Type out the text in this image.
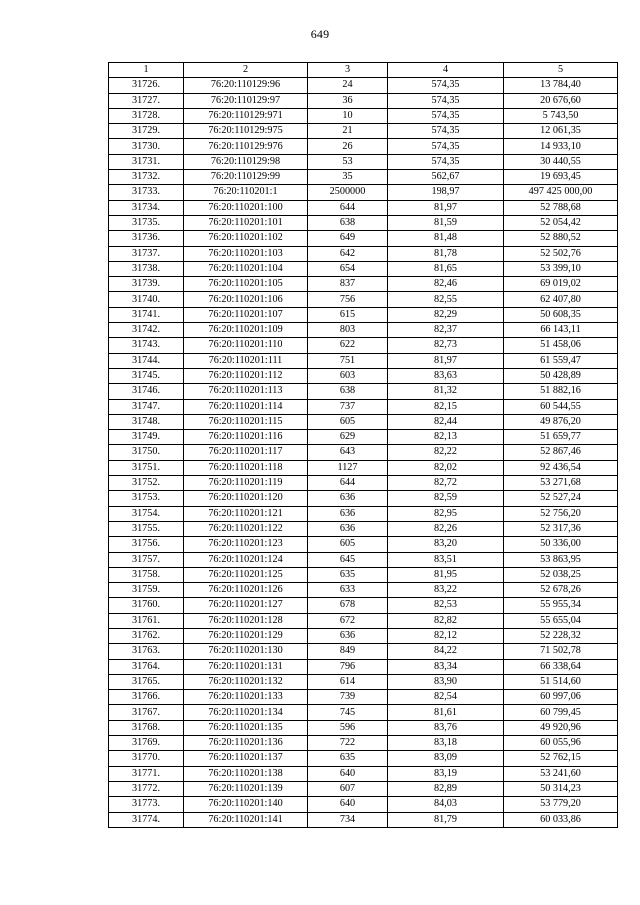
649
1	2	3	4	5
31726.	76:20:110129:96	24	574,35	13 784,40
31727.	76:20:110129:97	36	574,35	20 676,60
31728.	76:20:110129:971	10	574,35	5 743,50
31729.	76:20:110129:975	21	574,35	12 061,35
31730.	76:20:110129:976	26	574,35	14 933,10
31731.	76:20:110129:98	53	574,35	30 440,55
31732.	76:20:110129:99	35	562,67	19 693,45
31733.	76:20:110201:1	2500000	198,97	497 425 000,00
31734.	76:20:110201:100	644	81,97	52 788,68
31735.	76:20:110201:101	638	81,59	52 054,42
31736.	76:20:110201:102	649	81,48	52 880,52
31737.	76:20:110201:103	642	81,78	52 502,76
31738.	76:20:110201:104	654	81,65	53 399,10
31739.	76:20:110201:105	837	82,46	69 019,02
31740.	76:20:110201:106	756	82,55	62 407,80
31741.	76:20:110201:107	615	82,29	50 608,35
31742.	76:20:110201:109	803	82,37	66 143,11
31743.	76:20:110201:110	622	82,73	51 458,06
31744.	76:20:110201:111	751	81,97	61 559,47
31745.	76:20:110201:112	603	83,63	50 428,89
31746.	76:20:110201:113	638	81,32	51 882,16
31747.	76:20:110201:114	737	82,15	60 544,55
31748.	76:20:110201:115	605	82,44	49 876,20
31749.	76:20:110201:116	629	82,13	51 659,77
31750.	76:20:110201:117	643	82,22	52 867,46
31751.	76:20:110201:118	1127	82,02	92 436,54
31752.	76:20:110201:119	644	82,72	53 271,68
31753.	76:20:110201:120	636	82,59	52 527,24
31754.	76:20:110201:121	636	82,95	52 756,20
31755.	76:20:110201:122	636	82,26	52 317,36
31756.	76:20:110201:123	605	83,20	50 336,00
31757.	76:20:110201:124	645	83,51	53 863,95
31758.	76:20:110201:125	635	81,95	52 038,25
31759.	76:20:110201:126	633	83,22	52 678,26
31760.	76:20:110201:127	678	82,53	55 955,34
31761.	76:20:110201:128	672	82,82	55 655,04
31762.	76:20:110201:129	636	82,12	52 228,32
31763.	76:20:110201:130	849	84,22	71 502,78
31764.	76:20:110201:131	796	83,34	66 338,64
31765.	76:20:110201:132	614	83,90	51 514,60
31766.	76:20:110201:133	739	82,54	60 997,06
31767.	76:20:110201:134	745	81,61	60 799,45
31768.	76:20:110201:135	596	83,76	49 920,96
31769.	76:20:110201:136	722	83,18	60 055,96
31770.	76:20:110201:137	635	83,09	52 762,15
31771.	76:20:110201:138	640	83,19	53 241,60
31772.	76:20:110201:139	607	82,89	50 314,23
31773.	76:20:110201:140	640	84,03	53 779,20
31774.	76:20:110201:141	734	81,79	60 033,86
